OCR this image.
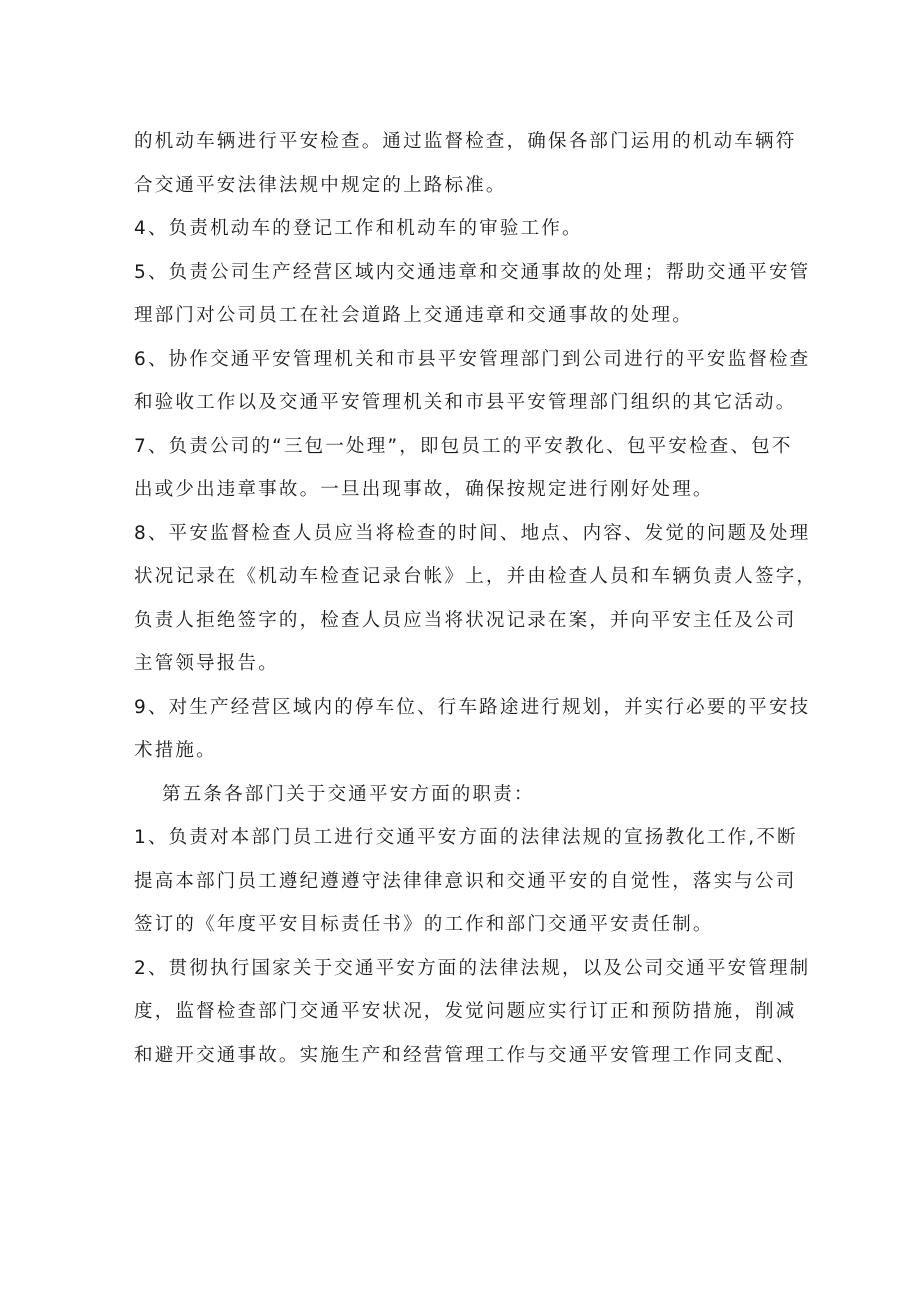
的机动车辆进行平安检查。通过监督检查，确保各部门运用的机动车辆符
合交通平安法律法规中规定的上路标准。
4、负责机动车的登记工作和机动车的审验工作。
5、负责公司生产经营区域内交通违章和交通事故的处理；帮助交通平安管
理部门对公司员工在社会道路上交通违章和交通事故的处理。
6、协作交通平安管理机关和市县平安管理部门到公司进行的平安监督检查
和验收工作以及交通平安管理机关和市县平安管理部门组织的其它活动。
7、负责公司的“三包一处理”，即包员工的平安教化、包平安检查、包不
出或少出违章事故。一旦出现事故，确保按规定进行刚好处理。
8、平安监督检查人员应当将检查的时间、地点、内容、发觉的问题及处理
状况记录在《机动车检查记录台帐》上，并由检查人员和车辆负责人签字，
负责人拒绝签字的，检查人员应当将状况记录在案，并向平安主任及公司
主管领导报告。
9、对生产经营区域内的停车位、行车路途进行规划，并实行必要的平安技
术措施。
第五条各部门关于交通平安方面的职责：
1、负责对本部门员工进行交通平安方面的法律法规的宣扬教化工作,不断
提高本部门员工遵纪遵遵守法律律意识和交通平安的自觉性，落实与公司
签订的《年度平安目标责任书》的工作和部门交通平安责任制。
2、贯彻执行国家关于交通平安方面的法律法规，以及公司交通平安管理制
度，监督检查部门交通平安状况，发觉问题应实行订正和预防措施，削减
和避开交通事故。实施生产和经营管理工作与交通平安管理工作同支配、
